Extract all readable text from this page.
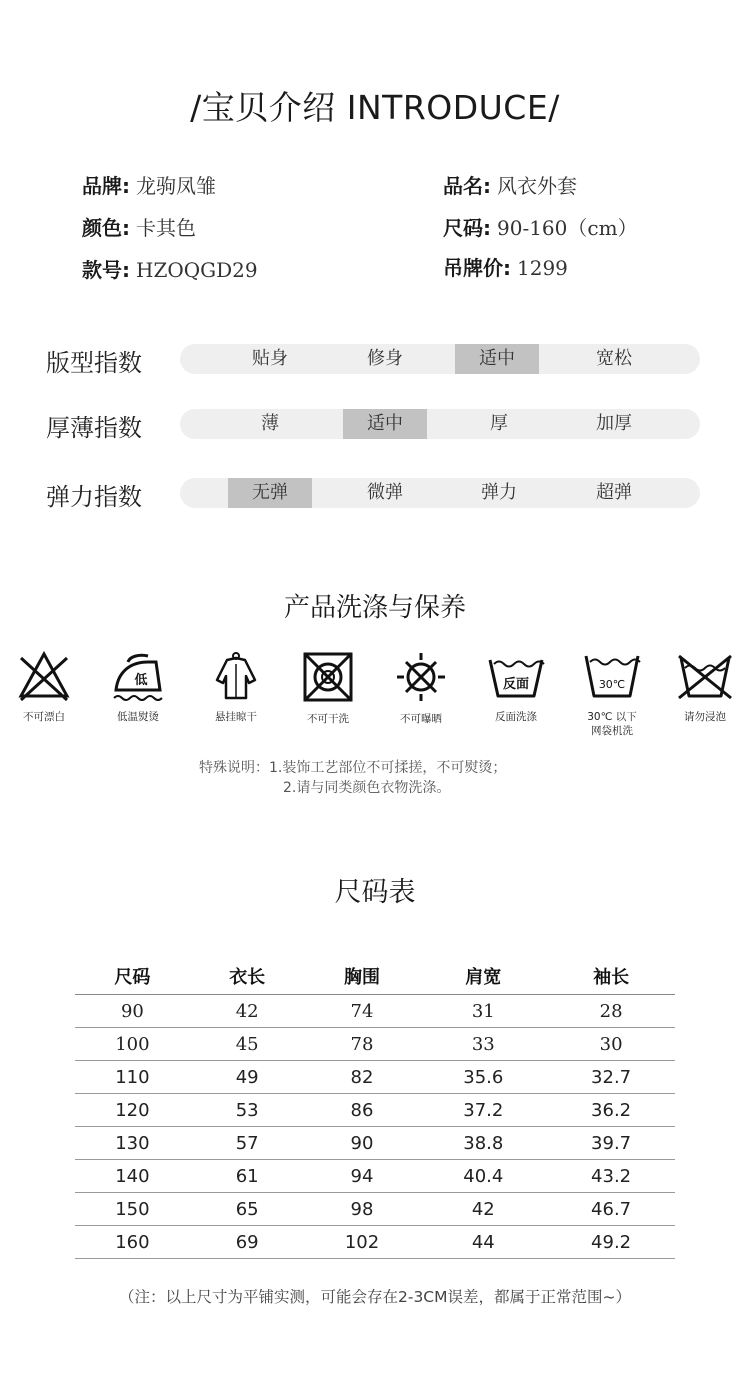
/宝贝介绍 INTRODUCE/
品牌: 龙驹凤雏	品名: 风衣外套
颜色: 卡其色	尺码: 90-160（cm）
款号: HZOQGD29	吊牌价: 1299
版型指数	贴身	修身	适中	宽松
厚薄指数	薄	适中	厚	加厚
弹力指数	无弹	微弹	弹力	超弹
产品洗涤与保养
不可漂白
低
低温熨烫	悬挂晾干	不可干洗	不可曝晒
反面
反面洗涤
30℃
30℃ 以下
网袋机洗
请勿浸泡
特殊说明：1.装饰工艺部位不可揉搓，不可熨烫；
2.请与同类颜色衣物洗涤。
尺码表
尺码	衣长	胸围	肩宽	袖长
90	42	74	31	28
100	45	78	33	30
110	49	82	35.6	32.7
120	53	86	37.2	36.2
130	57	90	38.8	39.7
140	61	94	40.4	43.2
150	65	98	42	46.7
160	69	102	44	49.2
（注：以上尺寸为平铺实测，可能会存在2-3CM误差，都属于正常范围~）
